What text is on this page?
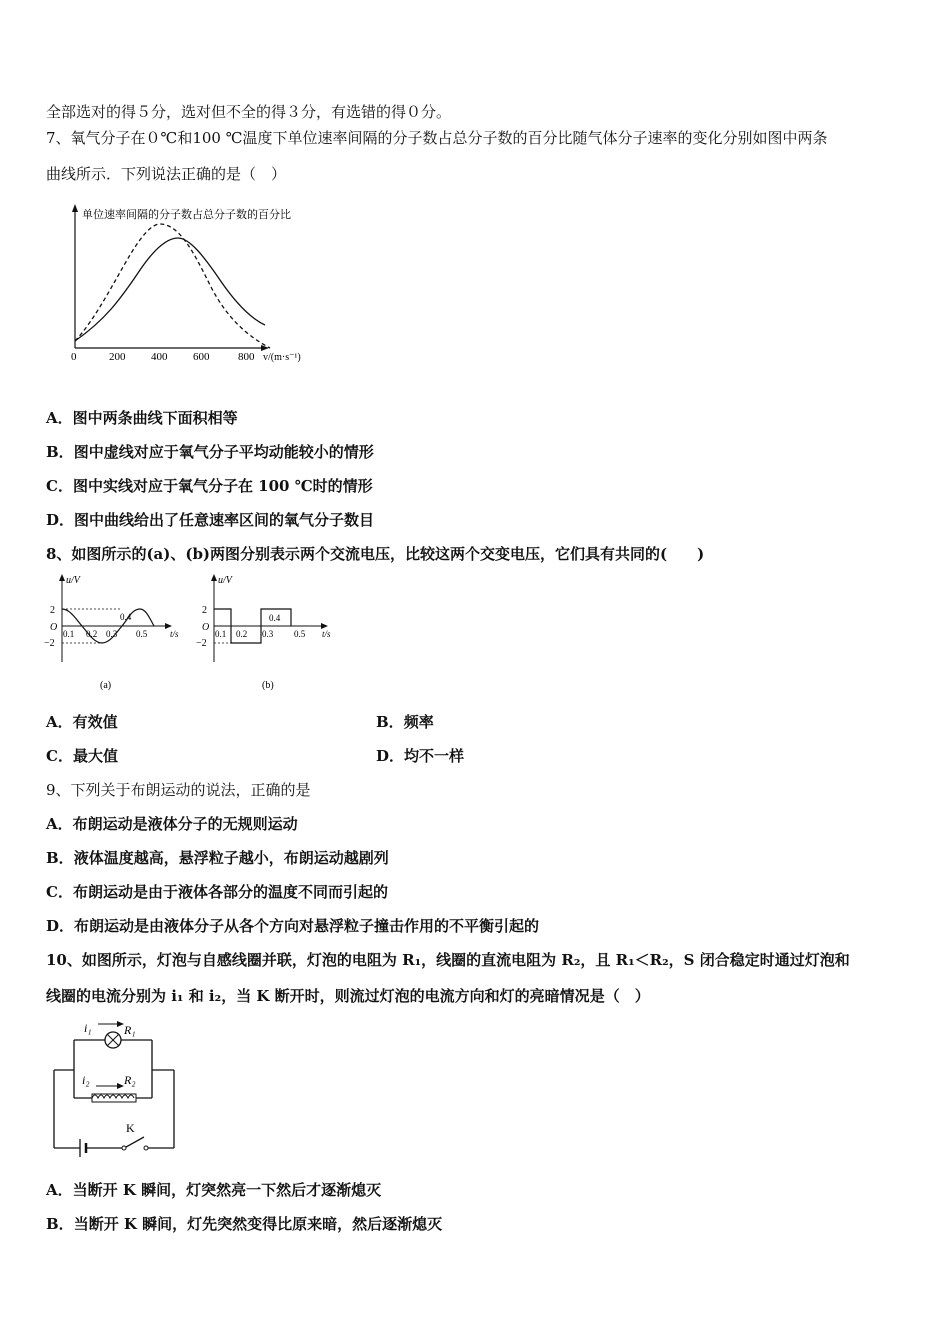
全部选对的得５分，选对但不全的得３分，有选错的得０分。
7、氧气分子在０℃和100 ℃温度下单位速率间隔的分子数占总分子数的百分比随气体分子速率的变化分别如图中两条
曲线所示．下列说法正确的是（　）
单位速率间隔的分子数占总分子数的百分比
0	200 400 600	800 v/(m·s⁻¹)
A．图中两条曲线下面积相等
B．图中虚线对应于氧气分子平均动能较小的情形
C．图中实线对应于氧气分子在 100 ℃时的情形
D．图中曲线给出了任意速率区间的氧气分子数目
8、如图所示的(a)、(b)两图分别表示两个交流电压，比较这两个交变电压，它们具有共同的(　　)
u/V
2
O
−2
0.1 0.2 0.3
0.4
0.5	t/s
(a)
u/V
2
O
−2
0.1 0.2 0.3
0.4
0.5 t/s
(b)
A．有效值	B．频率
C．最大值	D．均不一样
9、下列关于布朗运动的说法，正确的是
A．布朗运动是液体分子的无规则运动
B．液体温度越高，悬浮粒子越小，布朗运动越剧列
C．布朗运动是由于液体各部分的温度不同而引起的
D．布朗运动是由液体分子从各个方向对悬浮粒子撞击作用的不平衡引起的
10、如图所示，灯泡与自感线圈并联，灯泡的电阻为 R₁，线圈的直流电阻为 R₂，且 R₁＜R₂，S 闭合稳定时通过灯泡和
线圈的电流分别为 i₁ 和 i₂，当 K 断开时，则流过灯泡的电流方向和灯的亮暗情况是（　）
i₁	R₁
i₂	R₂
K
A．当断开 K 瞬间，灯突然亮一下然后才逐渐熄灭
B．当断开 K 瞬间，灯先突然变得比原来暗，然后逐渐熄灭
